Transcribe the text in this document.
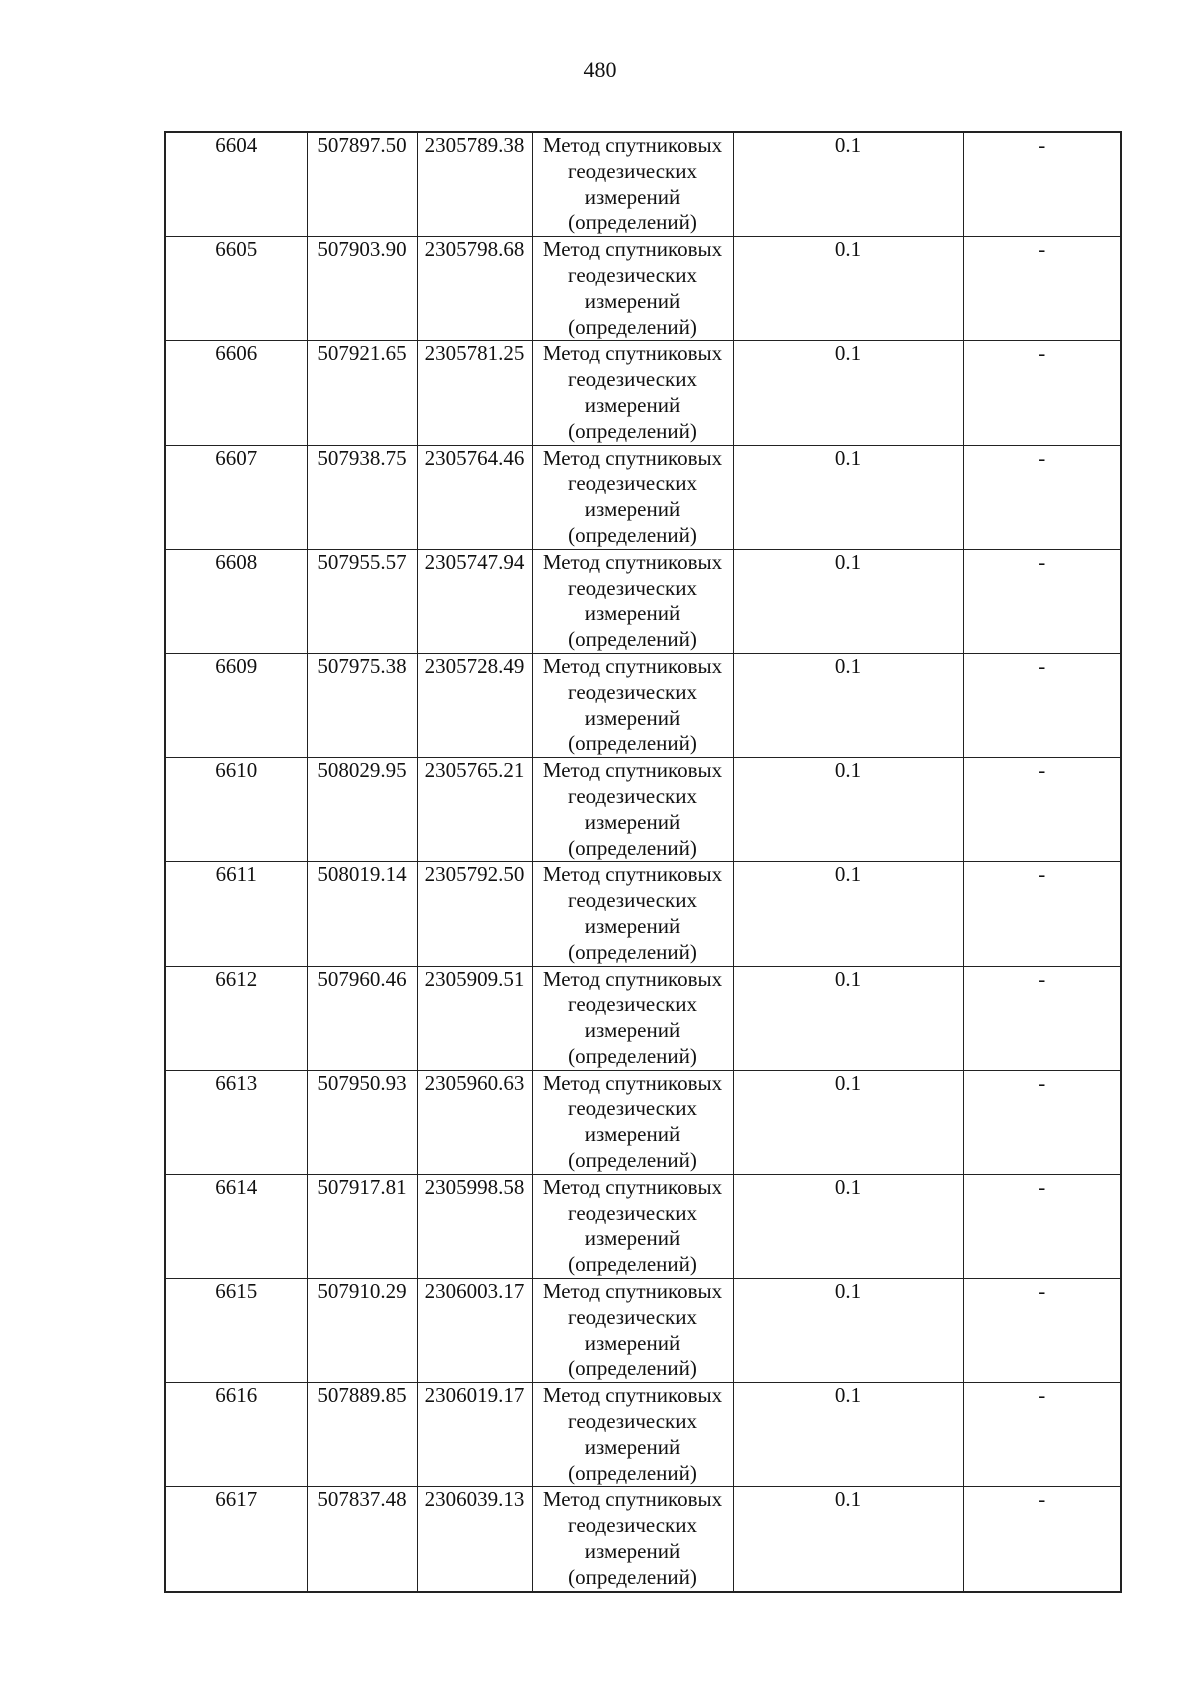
480
6604	507897.50	2305789.38	Метод спутниковых геодезических измерений (определений)	0.1	-
6605	507903.90	2305798.68	Метод спутниковых геодезических измерений (определений)	0.1	-
6606	507921.65	2305781.25	Метод спутниковых геодезических измерений (определений)	0.1	-
6607	507938.75	2305764.46	Метод спутниковых геодезических измерений (определений)	0.1	-
6608	507955.57	2305747.94	Метод спутниковых геодезических измерений (определений)	0.1	-
6609	507975.38	2305728.49	Метод спутниковых геодезических измерений (определений)	0.1	-
6610	508029.95	2305765.21	Метод спутниковых геодезических измерений (определений)	0.1	-
6611	508019.14	2305792.50	Метод спутниковых геодезических измерений (определений)	0.1	-
6612	507960.46	2305909.51	Метод спутниковых геодезических измерений (определений)	0.1	-
6613	507950.93	2305960.63	Метод спутниковых геодезических измерений (определений)	0.1	-
6614	507917.81	2305998.58	Метод спутниковых геодезических измерений (определений)	0.1	-
6615	507910.29	2306003.17	Метод спутниковых геодезических измерений (определений)	0.1	-
6616	507889.85	2306019.17	Метод спутниковых геодезических измерений (определений)	0.1	-
6617	507837.48	2306039.13	Метод спутниковых геодезических измерений (определений)	0.1	-
